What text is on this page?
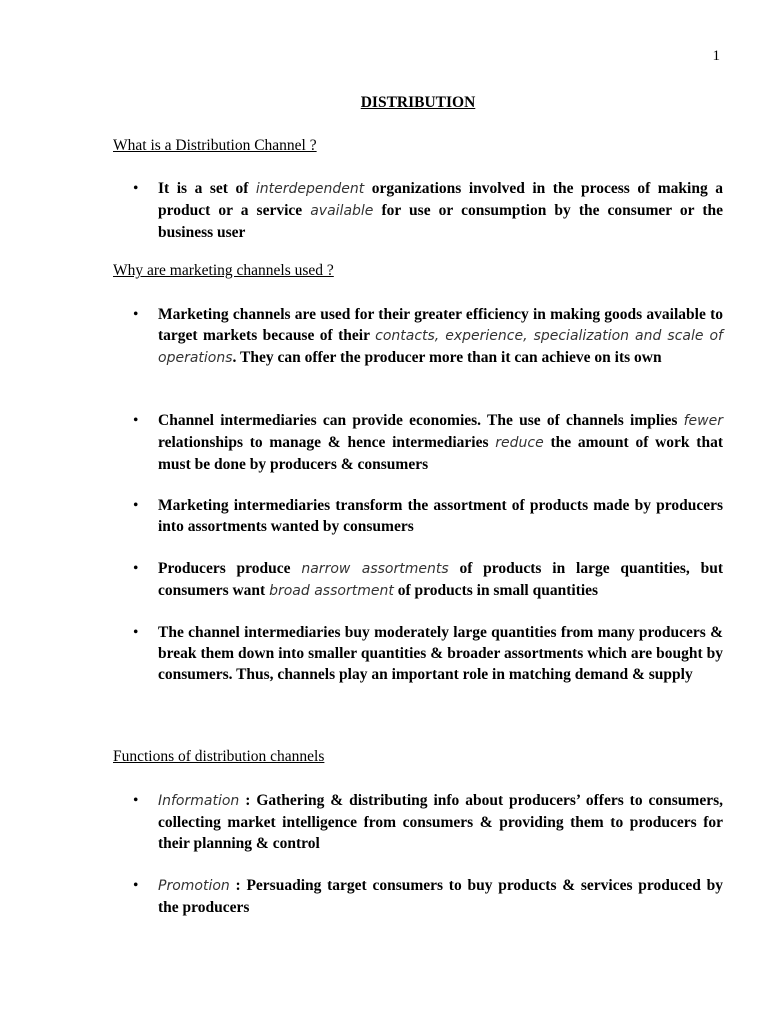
1
DISTRIBUTION
What is a Distribution Channel ?
• It is a set of interdependent organizations involved in the process of making a product or a service available for use or consumption by the consumer or the business user
Why are marketing channels used ?
• Marketing channels are used for their greater efficiency in making goods available to target markets because of their contacts, experience, specialization and scale of operations. They can offer the producer more than it can achieve on its own
• Channel intermediaries can provide economies. The use of channels implies fewer relationships to manage & hence intermediaries reduce the amount of work that must be done by producers & consumers
• Marketing intermediaries transform the assortment of products made by producers into assortments wanted by consumers
• Producers produce narrow assortments of products in large quantities, but consumers want broad assortment of products in small quantities
• The channel intermediaries buy moderately large quantities from many producers & break them down into smaller quantities & broader assortments which are bought by consumers. Thus, channels play an important role in matching demand & supply
Functions of distribution channels
• Information : Gathering & distributing info about producers’ offers to consumers, collecting market intelligence from consumers & providing them to producers for their planning & control
• Promotion : Persuading target consumers to buy products & services produced by the producers
